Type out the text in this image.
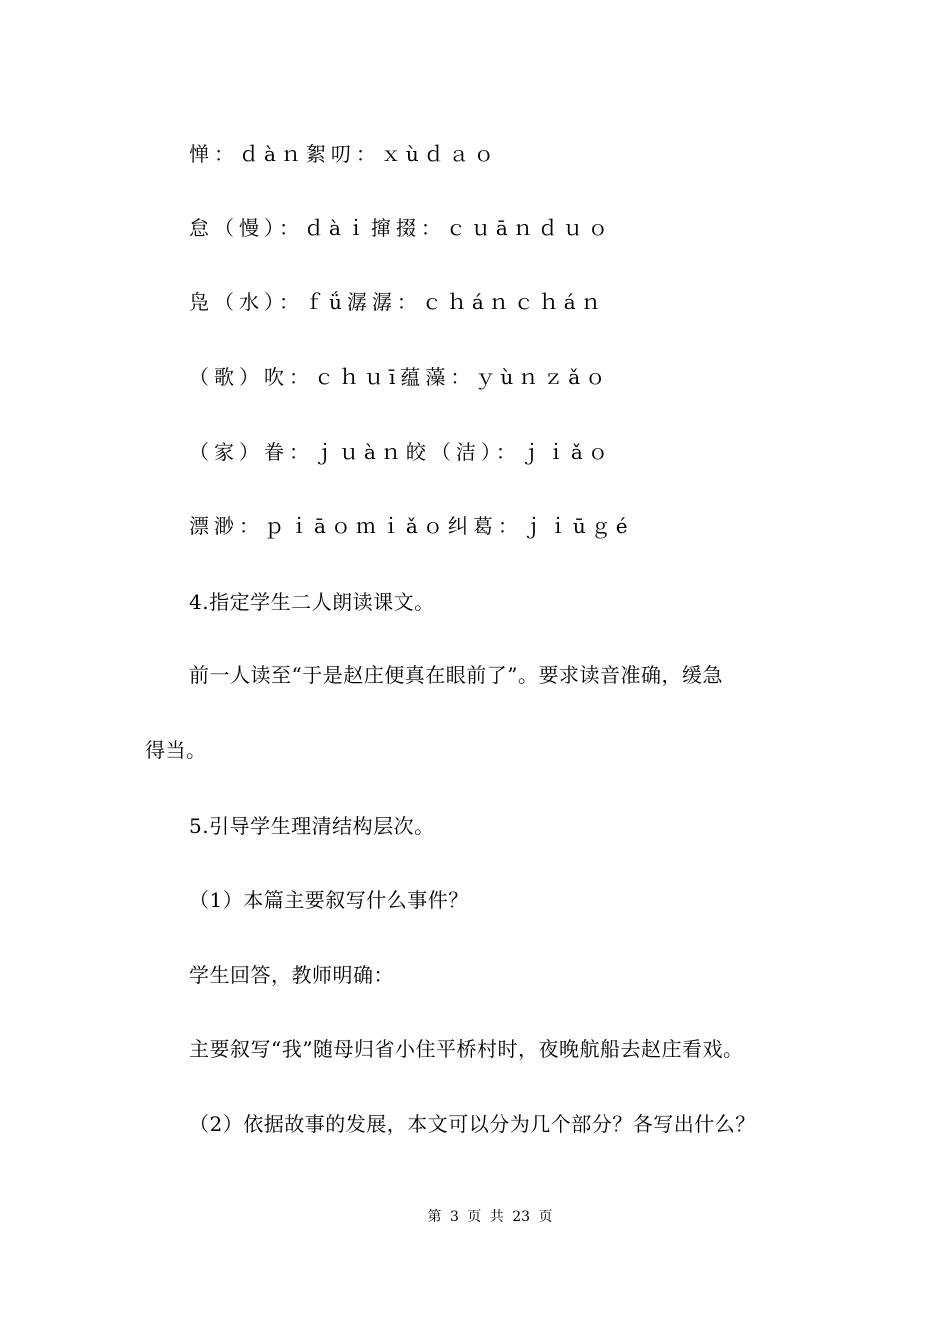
惮：ｄàｎ絮叨：ｘùｄａｏ
怠（慢）：ｄàｉ撺掇：ｃｕāｎｄｕｏ
凫（水）：ｆǘ潺潺：ｃｈáｎｃｈáｎ
（歌）吹：ｃｈｕī蕴藻：ｙùｎｚǎｏ
（家）眷：ｊｕàｎ皎（洁）：ｊｉǎｏ
漂渺：ｐｉāｏｍｉǎｏ纠葛：ｊｉūｇé
4.指定学生二人朗读课文。
前一人读至“于是赵庄便真在眼前了”。要求读音准确，缓急
得当。
5.引导学生理清结构层次。
（1）本篇主要叙写什么事件？
学生回答，教师明确：
主要叙写“我”随母归省小住平桥村时，夜晚航船去赵庄看戏。
（2）依据故事的发展，本文可以分为几个部分？各写出什么？
第 3 页 共 23 页
